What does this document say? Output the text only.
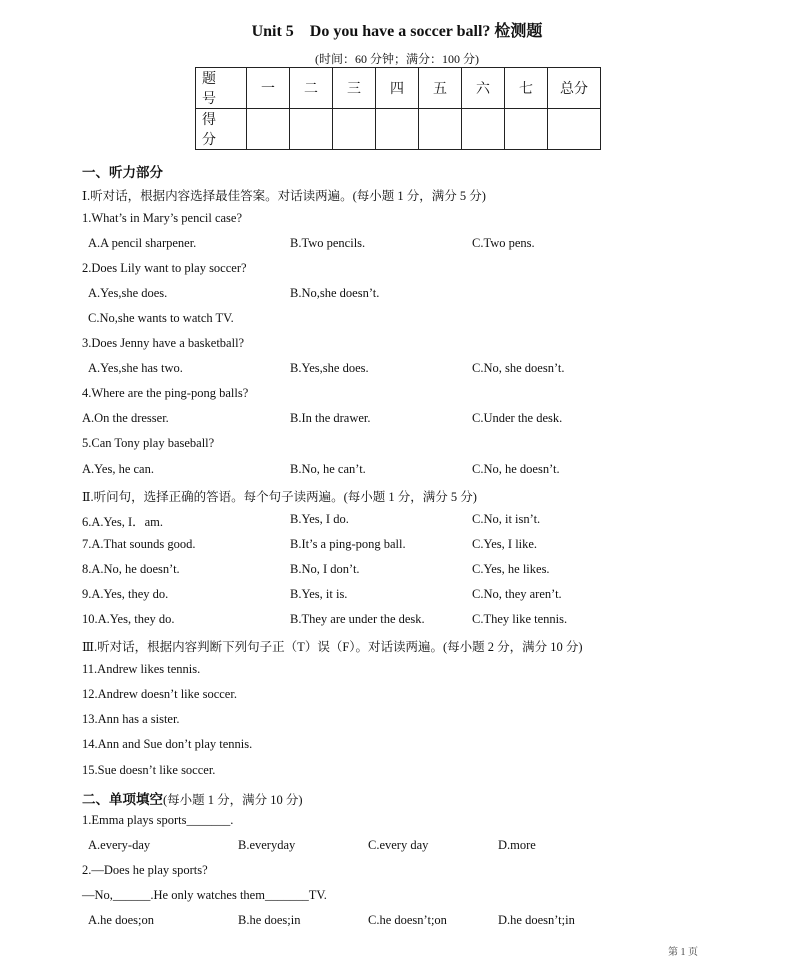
Unit 5　Do you have a soccer ball? 检测题
(时间：60 分钟；满分：100 分)
题 号	一	二	三	四	五	六	七	总分
得 分								
一、听力部分
Ⅰ.听对话，根据内容选择最佳答案。对话读两遍。(每小题 1 分，满分 5 分)
1.What’s in Mary’s pencil case?
A.A pencil sharpener.	B.Two pencils.	C.Two pens.
2.Does Lily want to play soccer?
A.Yes,she does.	B.No,she doesn’t.
C.No,she wants to watch TV.
3.Does Jenny have a basketball?
A.Yes,she has two.	B.Yes,she does.	C.No, she doesn’t.
4.Where are the ping-pong balls?
A.On the dresser.	B.In the drawer.	C.Under the desk.
5.Can Tony play baseball?
A.Yes, he can.	B.No, he can’t.	C.No, he doesn’t.
Ⅱ.听问句，选择正确的答语。每个句子读两遍。(每小题 1 分，满分 5 分)
6.A.Yes, I．am.	B.Yes, I do.	C.No, it isn’t.
7.A.That sounds good.	B.It’s a ping-pong ball.	C.Yes, I like.
8.A.No, he doesn’t.	B.No, I don’t.	C.Yes, he likes.
9.A.Yes, they do.	B.Yes, it is.	C.No, they aren’t.
10.A.Yes, they do.	B.They are under the desk.	C.They like tennis.
Ⅲ.听对话，根据内容判断下列句子正（T）误（F）。对话读两遍。(每小题 2 分，满分 10 分)
11.Andrew likes tennis.
12.Andrew doesn’t like soccer.
13.Ann has a sister.
14.Ann and Sue don’t play tennis.
15.Sue doesn’t like soccer.
二、单项填空(每小题 1 分，满分 10 分)
1.Emma plays sports_______.
A.every-day	B.everyday	C.every day	D.more
2.—Does he play sports?
—No,______.He only watches them_______TV.
A.he does;on	B.he does;in	C.he doesn’t;on	D.he doesn’t;in
第 1 页
